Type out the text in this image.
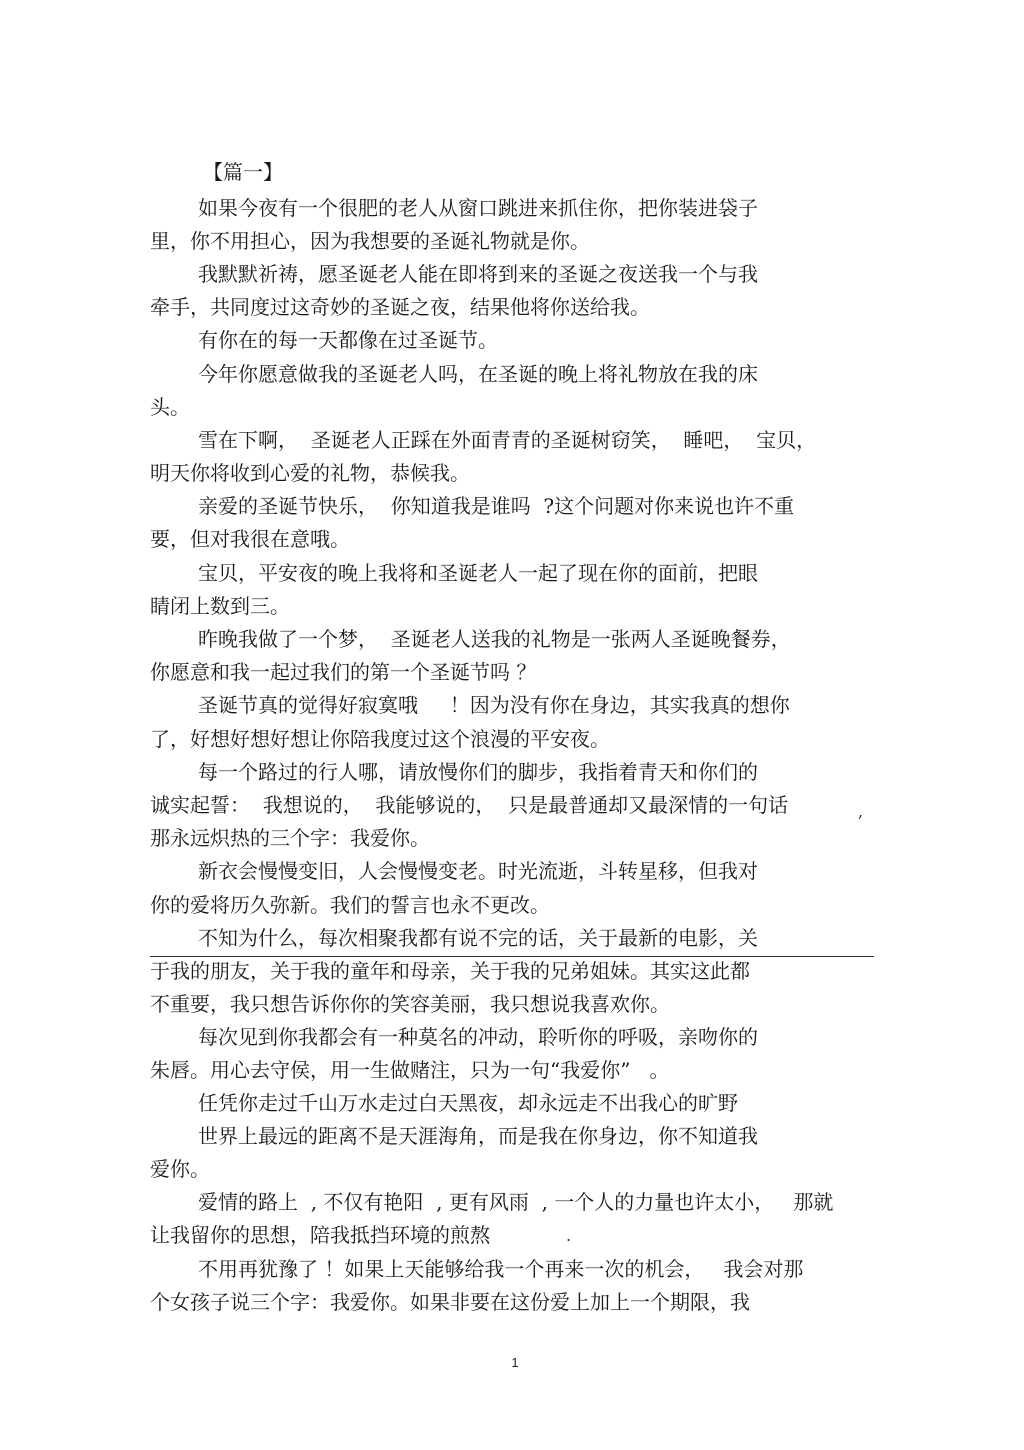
【篇一】
如果今夜有一个很肥的老人从窗口跳进来抓住你，把你装进袋子
里，你不用担心，因为我想要的圣诞礼物就是你。
我默默祈祷，愿圣诞老人能在即将到来的圣诞之夜送我一个与我
牵手，共同度过这奇妙的圣诞之夜，结果他将你送给我。
有你在的每一天都像在过圣诞节。
今年你愿意做我的圣诞老人吗，在圣诞的晚上将礼物放在我的床
头。
雪在下啊，  圣诞老人正踩在外面青青的圣诞树窃笑，  睡吧，  宝贝，
明天你将收到心爱的礼物，恭候我。
亲爱的圣诞节快乐，  你知道我是谁吗  ?这个问题对你来说也许不重
要，但对我很在意哦。
宝贝，平安夜的晚上我将和圣诞老人一起了现在你的面前，把眼
睛闭上数到三。
昨晚我做了一个梦，  圣诞老人送我的礼物是一张两人圣诞晚餐券，
你愿意和我一起过我们的第一个圣诞节吗 ？
圣诞节真的觉得好寂寞哦     ！因为没有你在身边，其实我真的想你
了，好想好想好想让你陪我度过这个浪漫的平安夜。
每一个路过的行人哪，请放慢你们的脚步，我指着青天和你们的
诚实起誓：  我想说的，  我能够说的，  只是最普通却又最深情的一句话	,
那永远炽热的三个字：我爱你。
新衣会慢慢变旧，人会慢慢变老。时光流逝，斗转星移，但我对
你的爱将历久弥新。我们的誓言也永不更改。
不知为什么，每次相聚我都有说不完的话，关于最新的电影，关
于我的朋友，关于我的童年和母亲，关于我的兄弟姐妹。其实这此都
不重要，我只想告诉你你的笑容美丽，我只想说我喜欢你。
每次见到你我都会有一种莫名的冲动，聆听你的呼吸，亲吻你的
朱唇。用心去守侯，用一生做赌注，只为一句“我爱你”   。
任凭你走过千山万水走过白天黑夜，却永远走不出我心的旷野
世界上最远的距离不是天涯海角，而是我在你身边，你不知道我
爱你。
爱情的路上  , 不仅有艳阳  , 更有风雨  , 一个人的力量也许太小，   那就
让我留你的思想，陪我抵挡环境的煎熬	.
不用再犹豫了 ！如果上天能够给我一个再来一次的机会，   我会对那
个女孩子说三个字：我爱你。如果非要在这份爱上加上一个期限，我
1
